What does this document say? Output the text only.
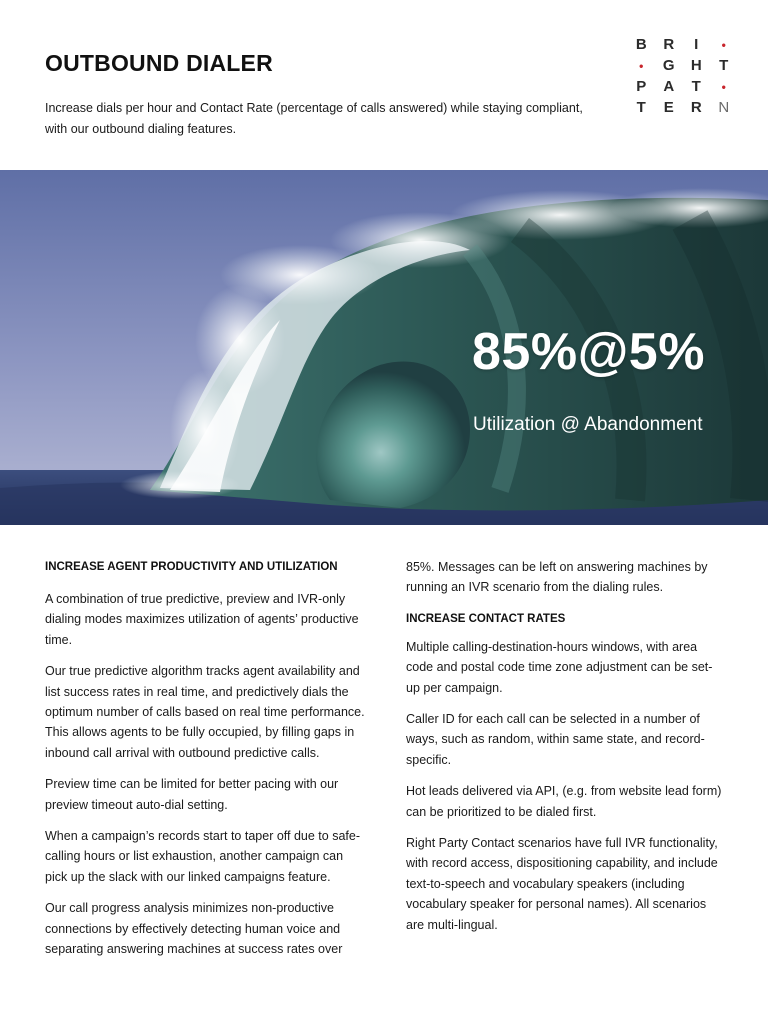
OUTBOUND DIALER

Increase dials per hour and Contact Rate (percentage of calls answered) while staying compliant, with our outbound dialing features.

B	R	I	•
•	G	H	T
P	A	T	•
T	E	R	N

85%@5%

Utilization @ Abandonment

INCREASE AGENT PRODUCTIVITY AND UTILIZATION

A combination of true predictive, preview and IVR-only dialing modes maximizes utilization of agents’ productive time.

Our true predictive algorithm tracks agent availability and list success rates in real time, and predictively dials the optimum number of calls based on real time performance. This allows agents to be fully occupied, by filling gaps in inbound call arrival with outbound predictive calls.

Preview time can be limited for better pacing with our preview timeout auto-dial setting.

When a campaign’s records start to taper off due to safe-calling hours or list exhaustion, another campaign can pick up the slack with our linked campaigns feature.

Our call progress analysis minimizes non-productive connections by effectively detecting human voice and separating answering machines at success rates over

85%. Messages can be left on answering machines by running an IVR scenario from the dialing rules.

INCREASE CONTACT RATES

Multiple calling-destination-hours windows, with area code and postal code time zone adjustment can be set-up per campaign.

Caller ID for each call can be selected in a number of ways, such as random, within same state, and record-specific.

Hot leads delivered via API, (e.g. from website lead form) can be prioritized to be dialed first.

Right Party Contact scenarios have full IVR functionality, with record access, dispositioning capability, and include text-to-speech and vocabulary speakers (including vocabulary speaker for personal names). All scenarios are multi-lingual.
